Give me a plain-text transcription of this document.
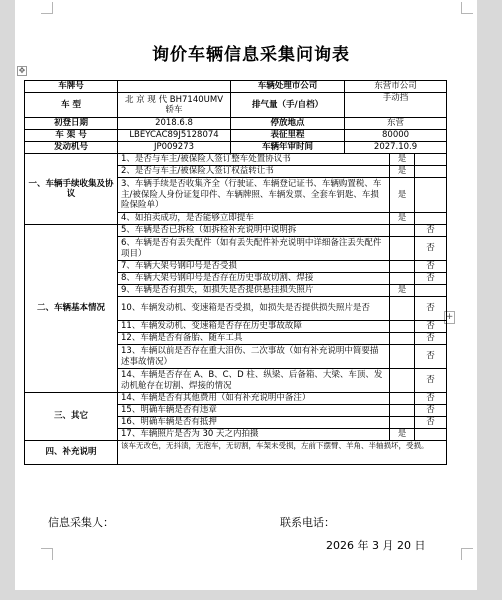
询价车辆信息采集问询表
✥
+
车牌号		车辆处理市公司	东营市公司		
车 型	北 京 现 代 BH7140UMV轿车	排气量（手/自档）	手动挡		
初登日期	2018.6.8	停放地点	东营		
车 架 号	LBEYCAC89J5128074	表征里程	80000		
发动机号	JP009273	车辆年审时间	2027.10.9		
一、车辆手续收集及协议	1、是否与车主/被保险人签订整车处置协议书			是	
	2、是否与车主/被保险人签订权益转让书			是	
	3、车辆手续是否收集齐全（行驶证、车辆登记证书、车辆购置税、车主/被保险人身份证复印件、车辆牌照、车辆发票、全套车钥匙、车损险保险单）			是	
	4、如拍卖成功，是否能够立即提车			是	
二、车辆基本情况	5、车辆是否已拆检（如拆检补充说明中说明拆				否
	6、车辆是否有丢失配件（如有丢失配件补充说明中详细备注丢失配件项目）				否
	7、车辆大架号钢印号是否受损				否
	8、车辆大架号钢印号是否存在历史事故切割、焊接				否
	9、车辆是否有损失，如损失是否提供悬挂损失照片			是	
	10、车辆发动机、变速箱是否受损，如损失是否提供损失照片是否				否
	11、车辆发动机、变速箱是否存在历史事故故障				否
	12、车辆是否有备胎、随车工具				否
	13、车辆以前是否存在重大泪伤、二次事故（如有补充说明中简要描述事故情况）				否
	14、车辆是否存在 A、B、C、D 柱、纵梁、后备箱、大梁、车顶、发动机舱存在切割、焊接的情况				否
三、其它	14、车辆是否有其他费用（如有补充说明中备注）				否
	15、明确车辆是否有违章				否
	16、明确车辆是否有抵押				否
	17、车辆照片是否为 30 天之内拍摄			是	
四、补充说明	该车无改色，无抖渍，无泡车，无切割，车架未受损，左前下摆臂、羊角、半轴损坏，受损。				
信息采集人：	联系电话：
2026 年 3 月 20 日
